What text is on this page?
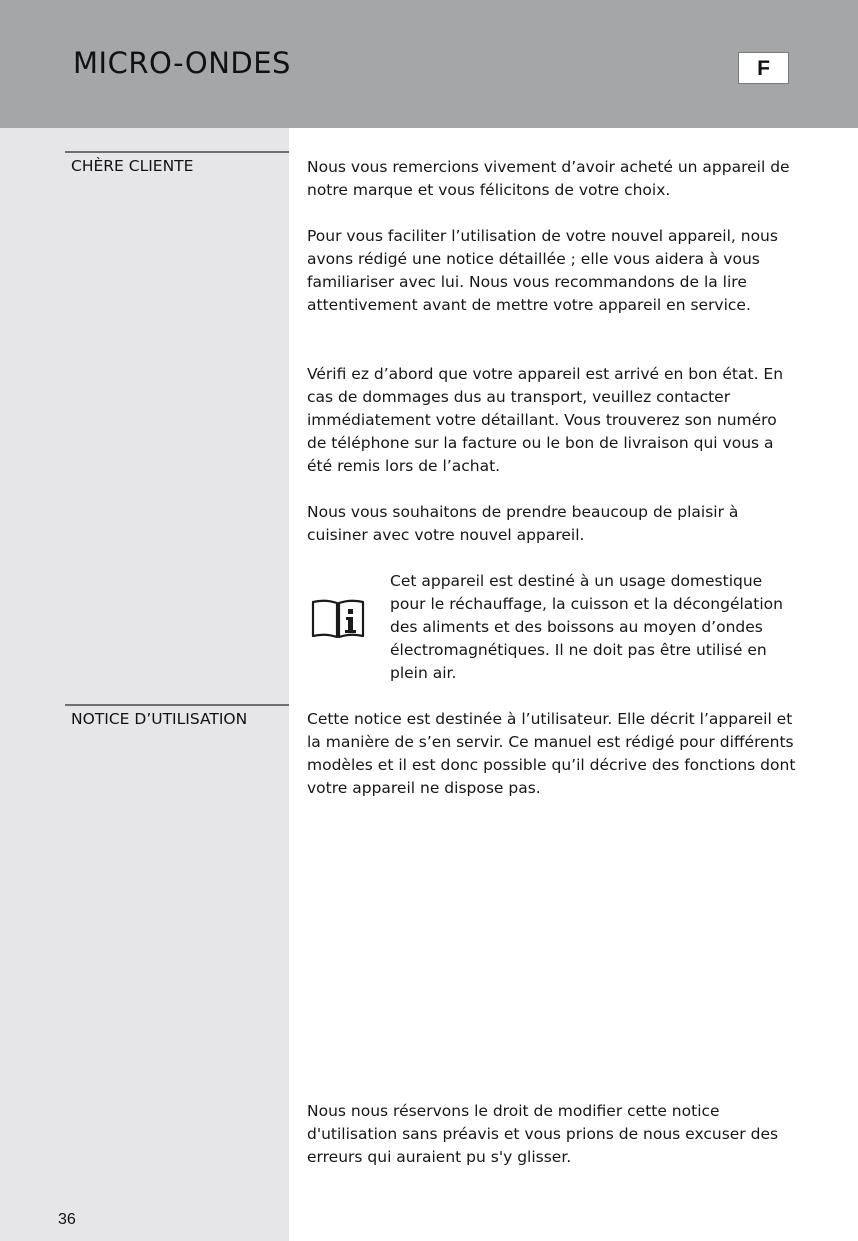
MICRO-ONDES	F
CHÈRE CLIENTE	Nous vous remercions vivement d’avoir acheté un appareil de notre marque et vous félicitons de votre choix.

Pour vous faciliter l’utilisation de votre nouvel appareil, nous avons rédigé une notice détaillée ; elle vous aidera à vous familiariser avec lui. Nous vous recommandons de la lire attentivement avant de mettre votre appareil en service.

Vérifi ez d’abord que votre appareil est arrivé en bon état. En cas de dommages dus au transport, veuillez contacter immédiatement votre détaillant. Vous trouverez son numéro de téléphone sur la facture ou le bon de livraison qui vous a été remis lors de l’achat.

Nous vous souhaitons de prendre beaucoup de plaisir à cuisiner avec votre nouvel appareil.

Cet appareil est destiné à un usage domestique pour le réchauffage, la cuisson et la décongélation des aliments et des boissons au moyen d’ondes électromagnétiques. Il ne doit pas être utilisé en plein air.

NOTICE D’UTILISATION	Cette notice est destinée à l’utilisateur. Elle décrit l’appareil et la manière de s’en servir. Ce manuel est rédigé pour différents modèles et il est donc possible qu’il décrive des fonctions dont votre appareil ne dispose pas.

Nous nous réservons le droit de modifier cette notice d'utilisation sans préavis et vous prions de nous excuser des erreurs qui auraient pu s'y glisser.

36
